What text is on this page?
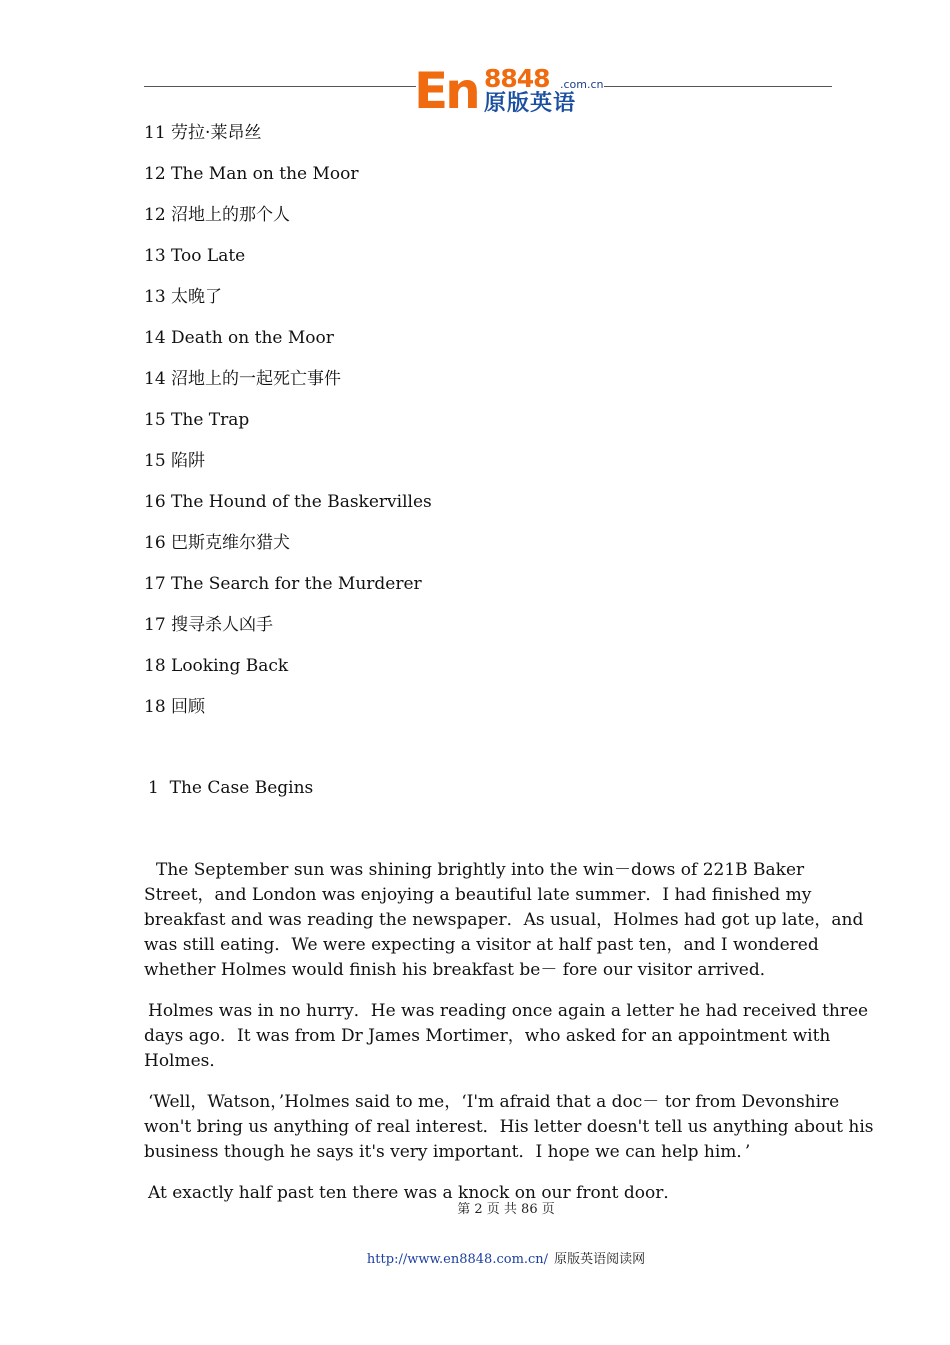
En 8848 .com.cn
原版英语
11 劳拉·莱昂丝
12 The Man on the Moor
12 沼地上的那个人
13 Too Late
13 太晚了
14 Death on the Moor
14 沼地上的一起死亡事件
15 The Trap
15 陷阱
16 The Hound of the Baskervilles
16 巴斯克维尔猎犬
17 The Search for the Murderer
17 搜寻杀人凶手
18 Looking Back
18 回顾
1  The Case Begins

The September sun was shining brightly into the win－dows of 221B Baker Street，and London was enjoying a beautiful late summer．I had finished my breakfast and was reading the newspaper．As usual，Holmes had got up late，and was still eating．We were expecting a visitor at half past ten，and I wondered whether Holmes would finish his breakfast be－ fore our visitor arrived．

Holmes was in no hurry．He was reading once again a letter he had received three days ago．It was from Dr James Mortimer，who asked for an appointment with Holmes．

‘Well，Watson，’Holmes said to me，‘I'm afraid that a doc－ tor from Devonshire won't bring us anything of real interest．His letter doesn't tell us anything about his business though he says it's very important．I hope we can help him．’

At exactly half past ten there was a knock on our front door．

第 2 页 共 86 页
http://www.en8848.com.cn/ 原版英语阅读网
